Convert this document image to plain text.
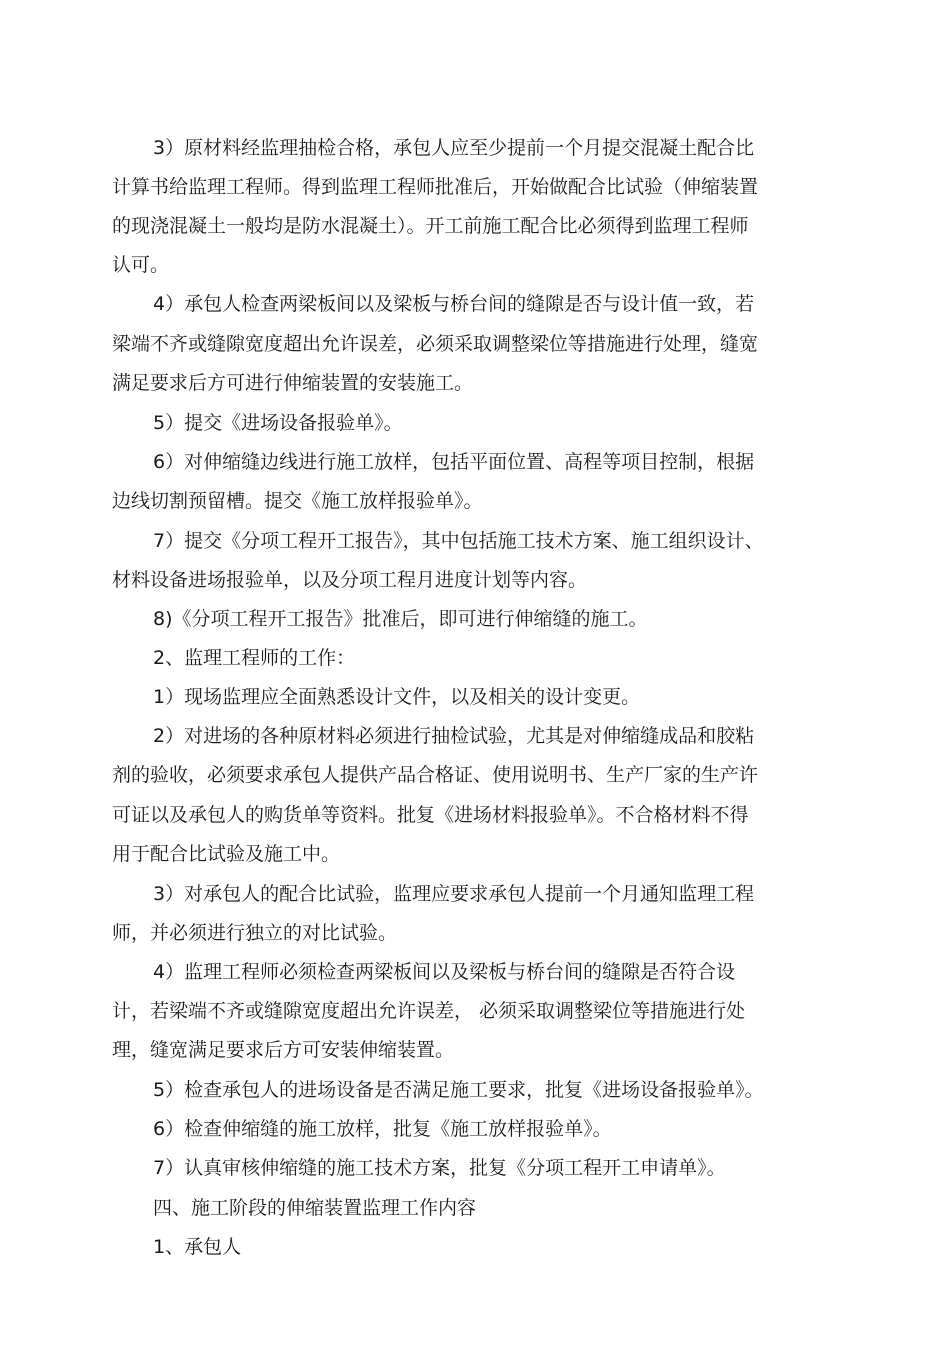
3）原材料经监理抽检合格，承包人应至少提前一个月提交混凝土配合比
计算书给监理工程师。得到监理工程师批准后，开始做配合比试验（伸缩装置
的现浇混凝土一般均是防水混凝土）。开工前施工配合比必须得到监理工程师
认可。
4）承包人检查两梁板间以及梁板与桥台间的缝隙是否与设计值一致，若
梁端不齐或缝隙宽度超出允许误差，必须采取调整梁位等措施进行处理，缝宽
满足要求后方可进行伸缩装置的安装施工。
5）提交《进场设备报验单》。
6）对伸缩缝边线进行施工放样，包括平面位置、高程等项目控制，根据
边线切割预留槽。提交《施工放样报验单》。
7）提交《分项工程开工报告》，其中包括施工技术方案、施工组织设计、
材料设备进场报验单，以及分项工程月进度计划等内容。
8)《分项工程开工报告》批准后，即可进行伸缩缝的施工。
2、监理工程师的工作：
1）现场监理应全面熟悉设计文件，以及相关的设计变更。
2）对进场的各种原材料必须进行抽检试验，尤其是对伸缩缝成品和胶粘
剂的验收，必须要求承包人提供产品合格证、使用说明书、生产厂家的生产许
可证以及承包人的购货单等资料。批复《进场材料报验单》。不合格材料不得
用于配合比试验及施工中。
3）对承包人的配合比试验，监理应要求承包人提前一个月通知监理工程
师，并必须进行独立的对比试验。
4）监理工程师必须检查两梁板间以及梁板与桥台间的缝隙是否符合设
计，若梁端不齐或缝隙宽度超出允许误差， 必须采取调整梁位等措施进行处
理，缝宽满足要求后方可安装伸缩装置。
5）检查承包人的进场设备是否满足施工要求，批复《进场设备报验单》。
6）检查伸缩缝的施工放样，批复《施工放样报验单》。
7）认真审核伸缩缝的施工技术方案，批复《分项工程开工申请单》。
四、施工阶段的伸缩装置监理工作内容
1、承包人
